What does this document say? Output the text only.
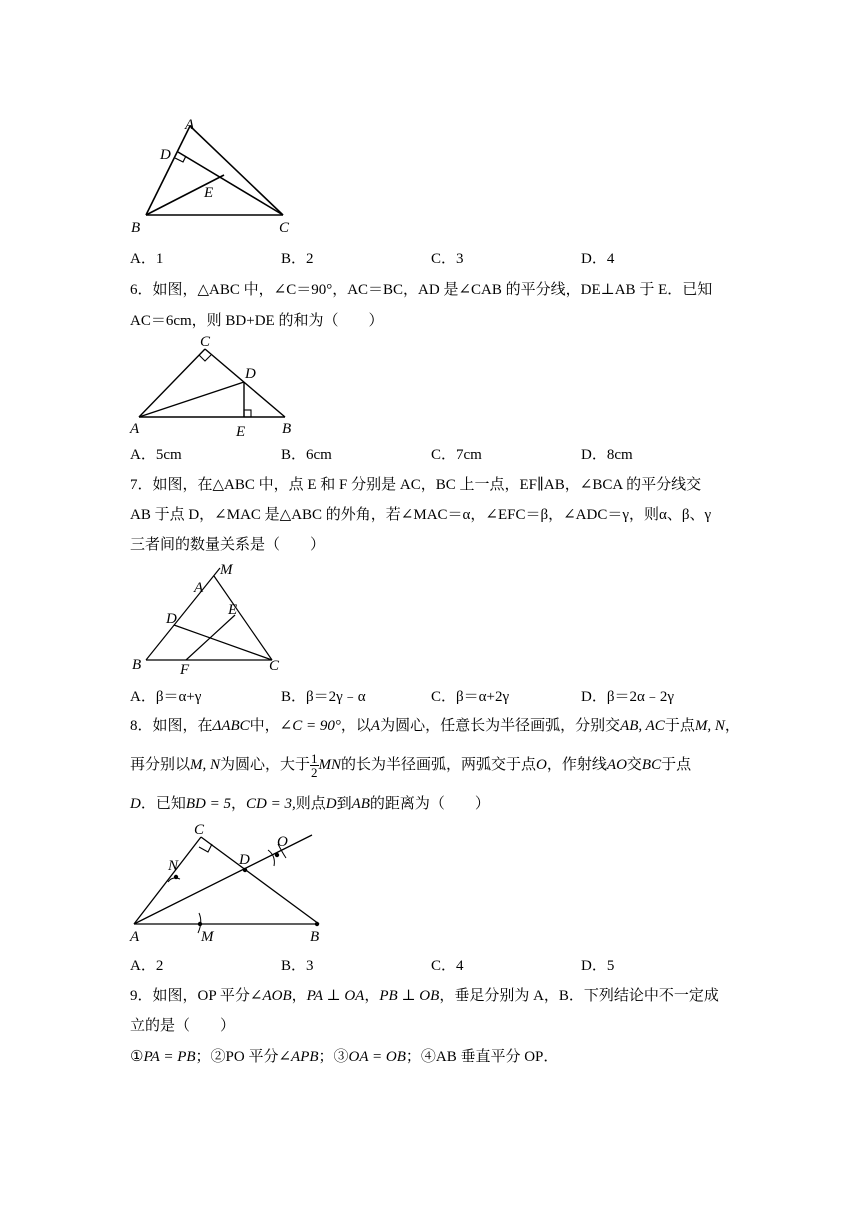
A
D
E
B	C
A．1	B．2	C．3	D．4
6．如图，△ABC 中，∠C＝90°，AC＝BC，AD 是∠CAB 的平分线，DE⊥AB 于 E．已知
AC＝6cm，则 BD+DE 的和为（　　）
C
D
A	E B
A．5cm	B．6cm	C．7cm	D．8cm
7．如图，在△ABC 中，点 E 和 F 分别是 AC，BC 上一点，EF∥AB，∠BCA 的平分线交
AB 于点 D，∠MAC 是△ABC 的外角，若∠MAC＝α，∠EFC＝β，∠ADC＝γ，则α、β、γ
三者间的数量关系是（　　）
M
A
E
D
B	F	C
A．β＝α+γ	B．β＝2γ﹣α	C．β＝α+2γ	D．β＝2α﹣2γ
8．如图，在ΔABC中，∠C = 90°，以A为圆心，任意长为半径画弧，分别交AB, AC于点M, N，
再分别以M, N为圆心，大于 $\frac{1}{2}$ MN的长为半径画弧，两弧交于点O，作射线AO交BC于点
D．已知BD = 5，CD = 3,则点D到AB的距离为（　　）
C
N	D
O
A	M	B
A．2	B．3	C．4	D．5
9．如图，OP 平分∠AOB，PA ⊥ OA，PB ⊥ OB，垂足分别为 A，B．下列结论中不一定成
立的是（　　）
①PA = PB；②PO 平分∠APB；③OA = OB；④AB 垂直平分 OP．
